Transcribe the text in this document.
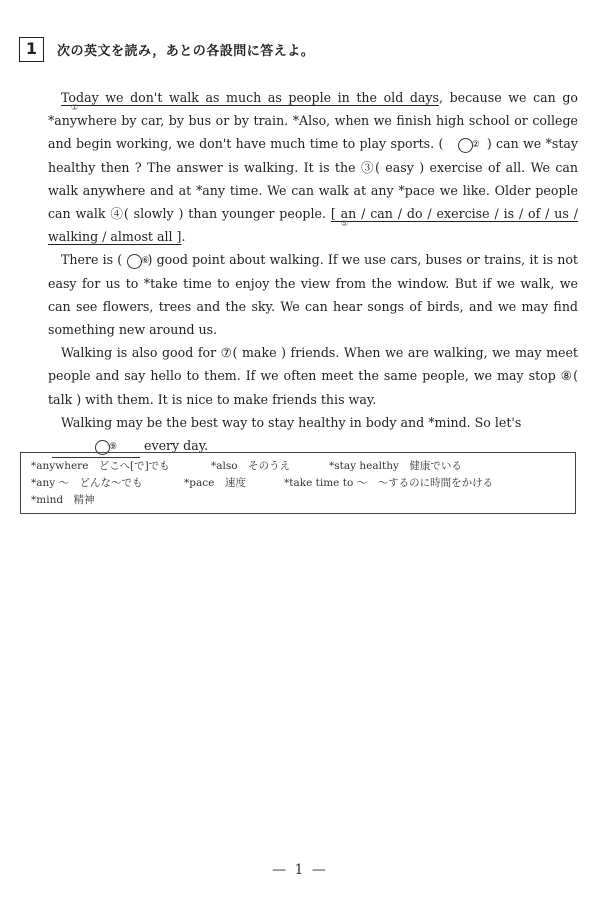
1	次の英文を読み，あとの各設問に答えよ。

①
Today we don't walk as much as people in the old days, because we can go *anywhere by car, by bus or by train. *Also, when we finish high school or college and begin working, we don't have much time to play sports. (　	②　 ) can we *stay healthy then ? The answer is walking. It is the ③( easy ) exercise of all. We can walk anywhere and at *any time. We can walk at any *pace we like. Older people can walk ④( slowly ) than younger people.
⑤
[ an / can / do / exercise / is / of / us / walking / almost all ].

There is ( ⑥ ) good point about walking. If we use cars, buses or trains, it is not easy for us to *take time to enjoy the view from the window. But if we walk, we can see flowers, trees and the sky. We can hear songs of birds, and we may find something new around us.

Walking is also good for ⑦( make ) friends. When we are walking, we may meet people and say hello to them. If we often meet the same people, we may stop ⑧( talk ) with them. It is nice to make friends this way.

Walking may be the best way to stay healthy in body and *mind. So let's
⑨ every day.

*anywhere　どこへ[で]でも	*also　そのうえ	*stay healthy　健康でいる
*any ～　どんな～でも	*pace　速度	*take time to ～　～するのに時間をかける
*mind　精神
— 1 —
